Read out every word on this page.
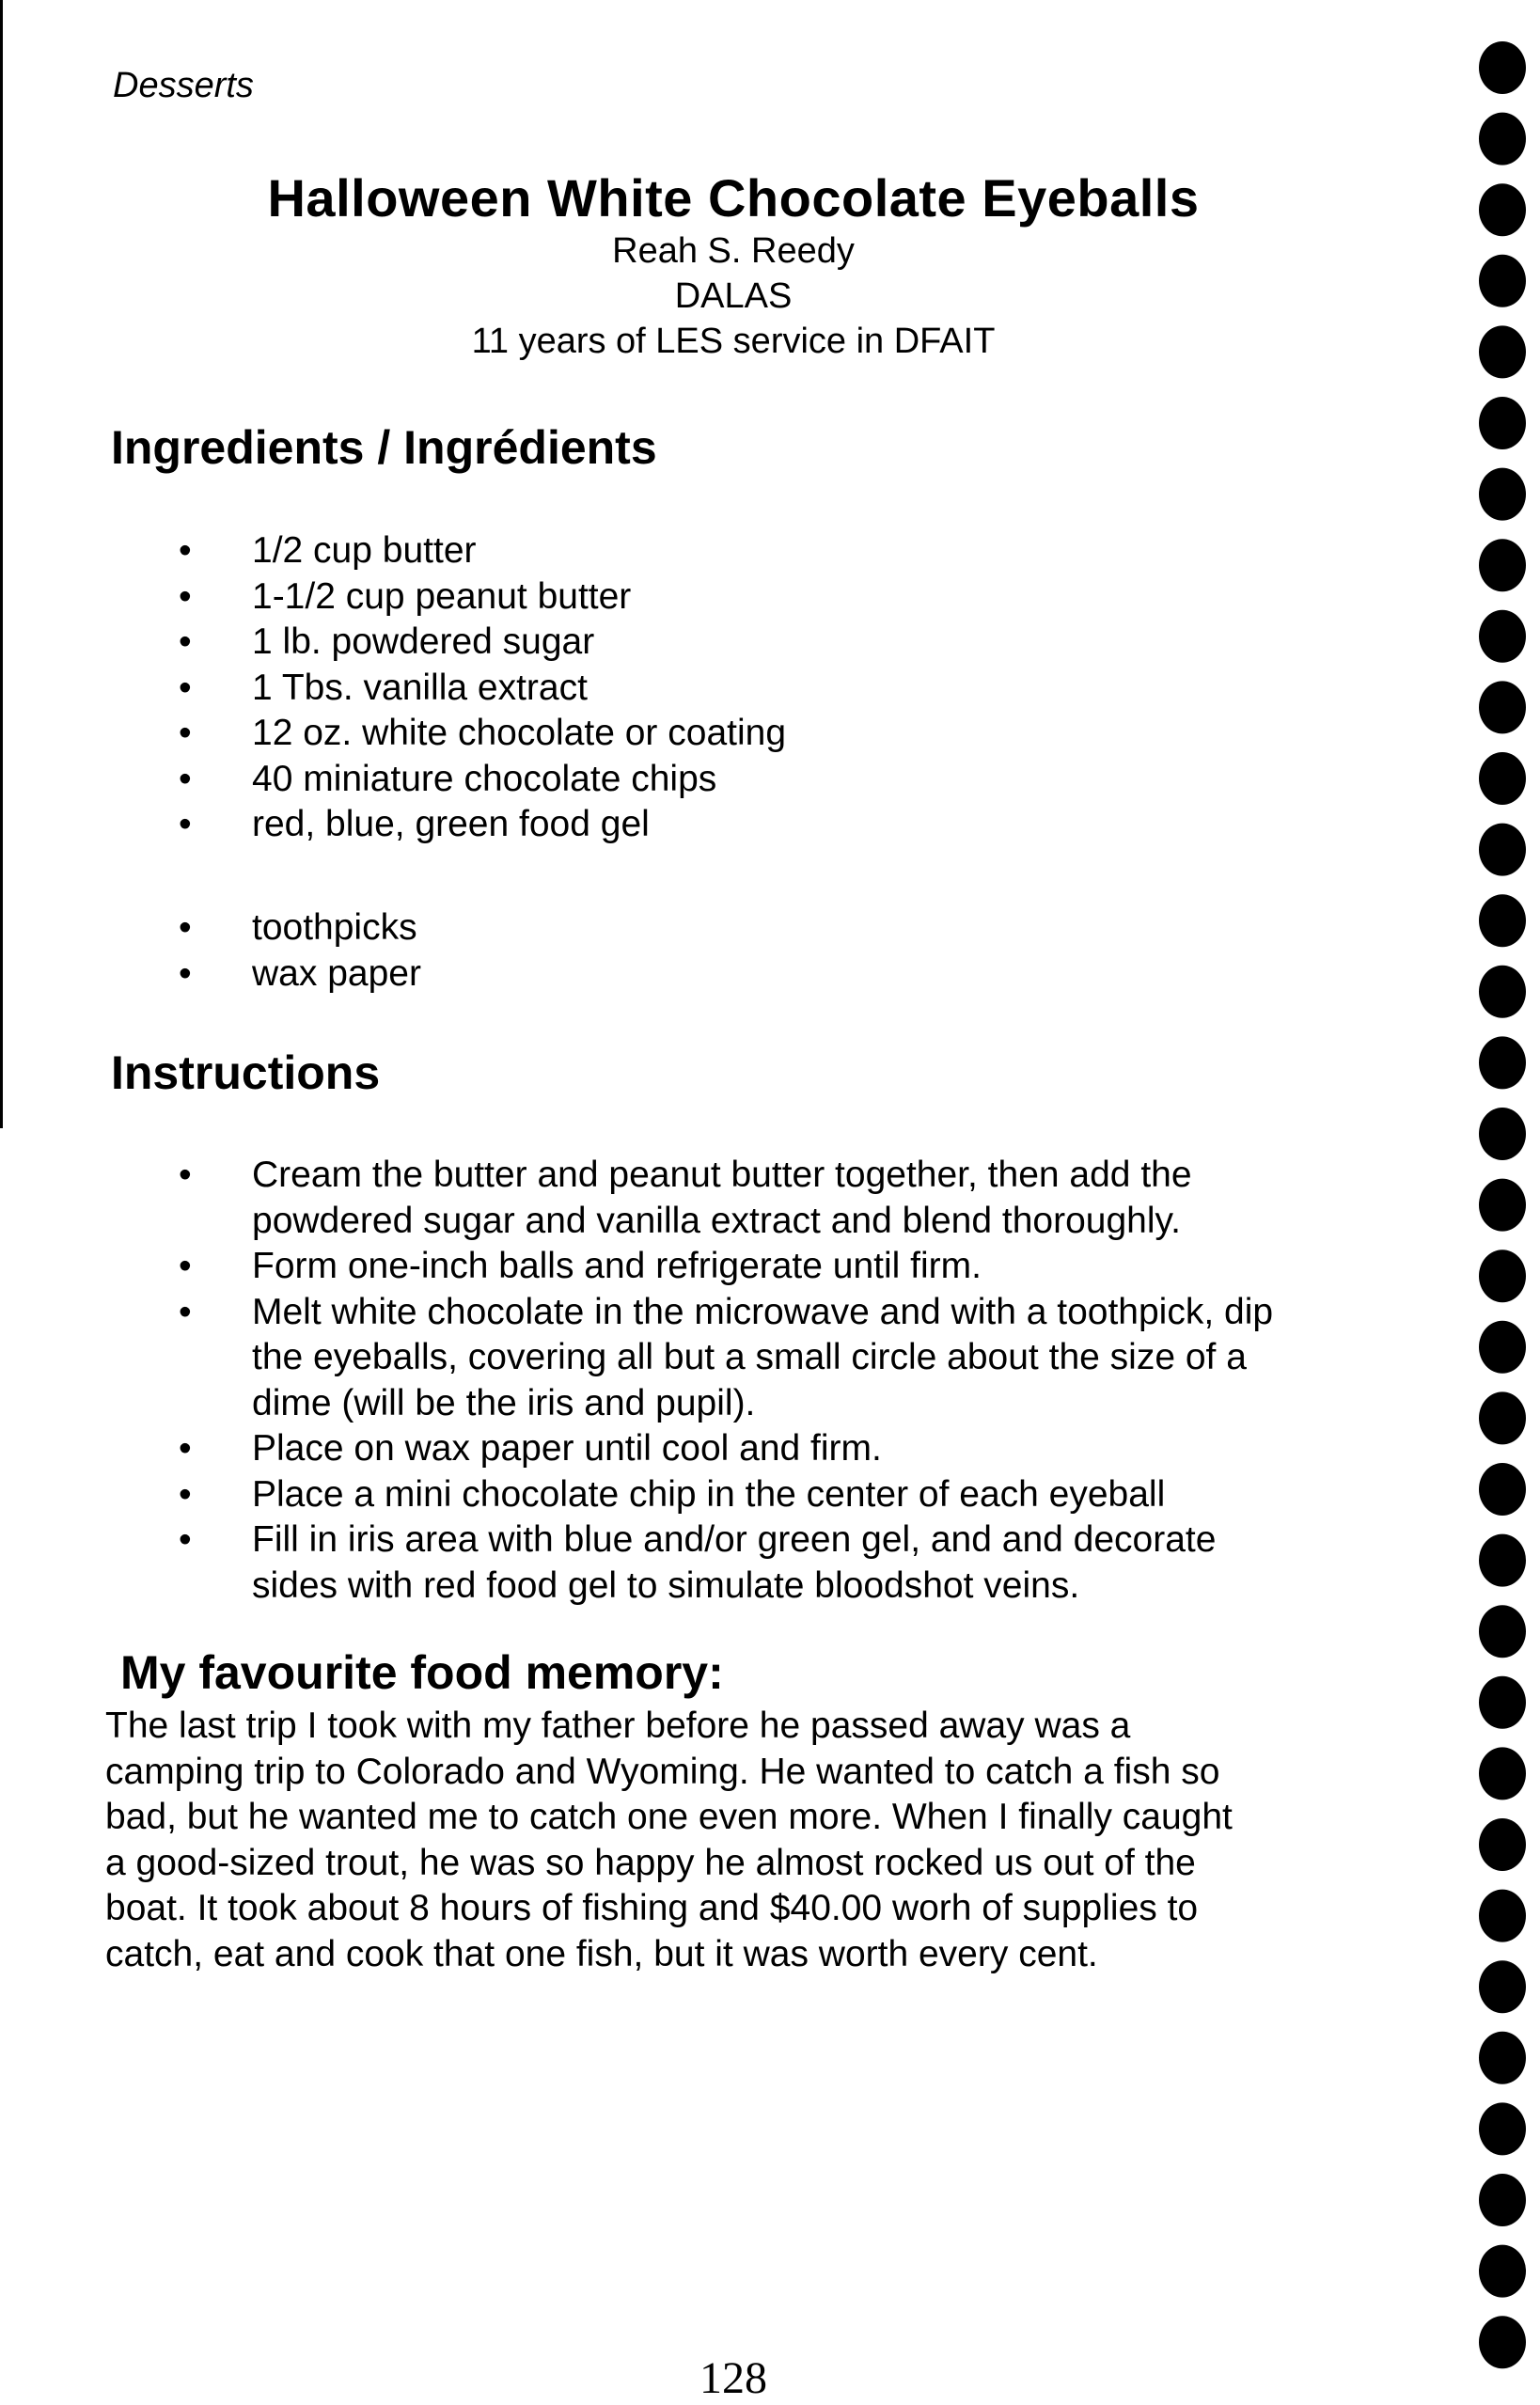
Desserts
Halloween White Chocolate Eyeballs
Reah S. Reedy
DALAS
11 years of LES service in DFAIT
Ingredients / Ingrédients
• 1/2 cup butter
• 1-1/2 cup peanut butter
• 1 lb. powdered sugar
• 1 Tbs. vanilla extract
• 12 oz. white chocolate or coating
• 40 miniature chocolate chips
• red, blue, green food gel
• toothpicks
• wax paper
Instructions
• Cream the butter and peanut butter together, then add the
powdered sugar and vanilla extract and blend thoroughly.
• Form one-inch balls and refrigerate until firm.
• Melt white chocolate in the microwave and with a toothpick, dip
the eyeballs, covering all but a small circle about the size of a
dime (will be the iris and pupil).
• Place on wax paper until cool and firm.
• Place a mini chocolate chip in the center of each eyeball
• Fill in iris area with blue and/or green gel, and and decorate
sides with red food gel to simulate bloodshot veins.
My favourite food memory:
The last trip I took with my father before he passed away was a
camping trip to Colorado and Wyoming. He wanted to catch a fish so
bad, but he wanted me to catch one even more. When I finally caught
a good-sized trout, he was so happy he almost rocked us out of the
boat. It took about 8 hours of fishing and $40.00 worh of supplies to
catch, eat and cook that one fish, but it was worth every cent.
128
